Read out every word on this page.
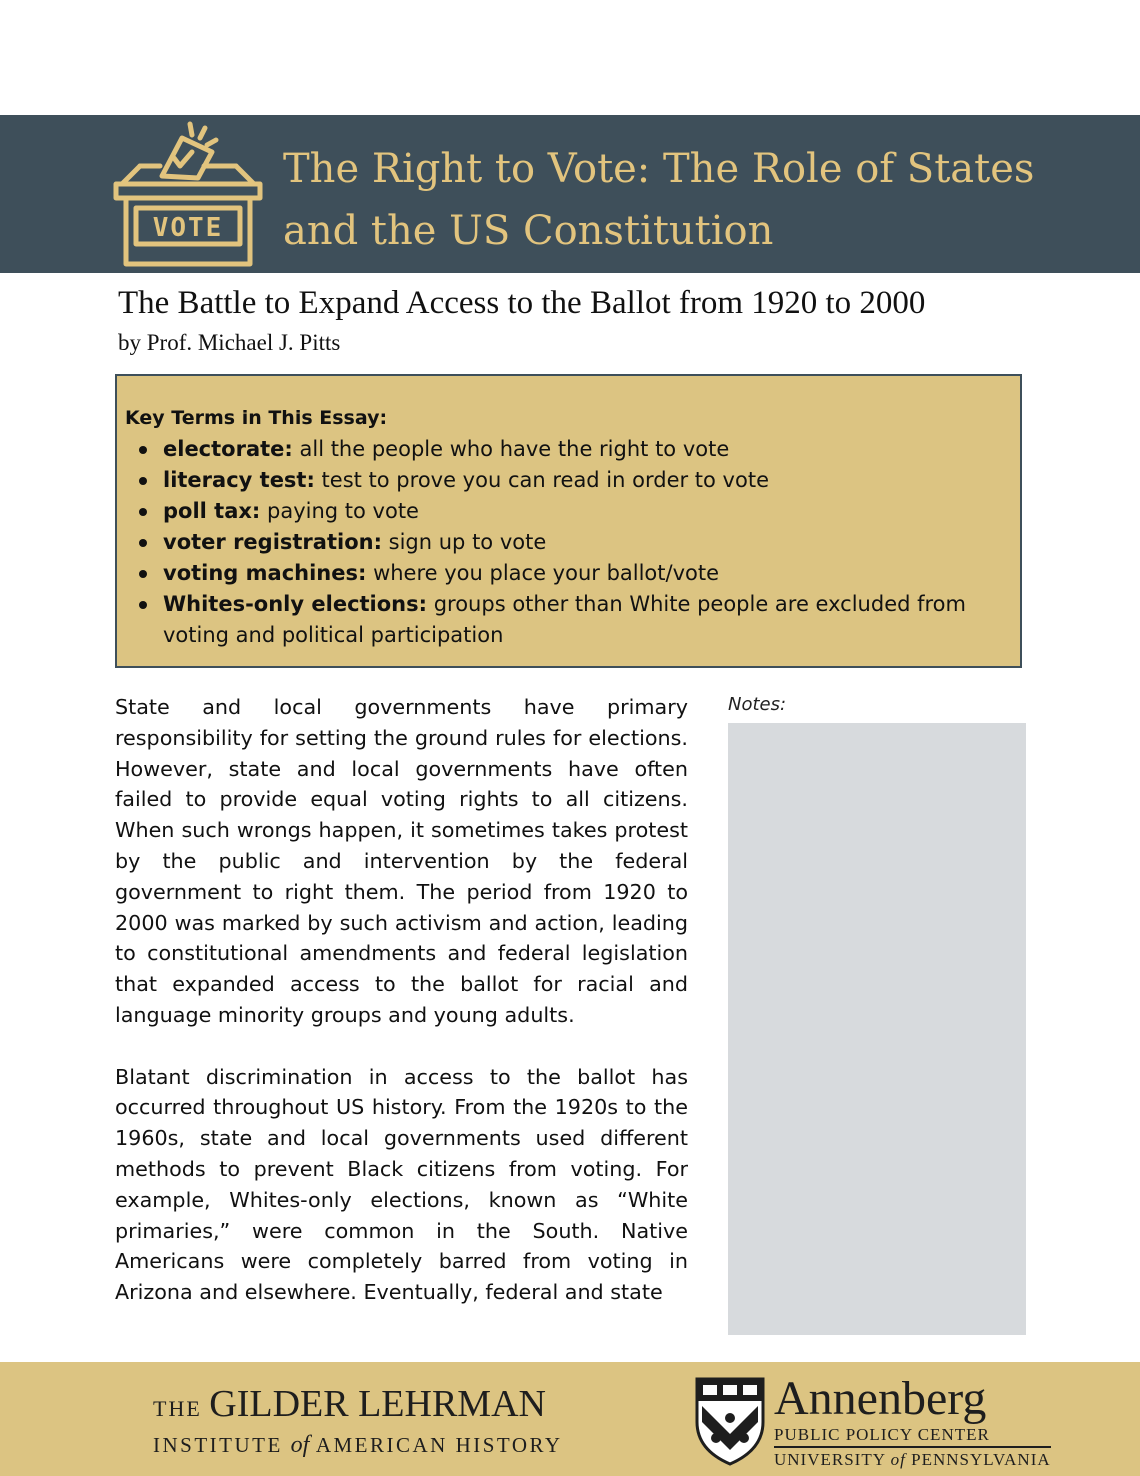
VOTE
The Right to Vote: The Role of States and the US Constitution
The Battle to Expand Access to the Ballot from 1920 to 2000
by Prof. Michael J. Pitts
Key Terms in This Essay:
electorate: all the people who have the right to vote
literacy test: test to prove you can read in order to vote
poll tax: paying to vote
voter registration: sign up to vote
voting machines: where you place your ballot/vote
Whites-only elections: groups other than White people are excluded from voting and political participation

State and local governments have primary responsibility for setting the ground rules for elections. However, state and local governments have often failed to provide equal voting rights to all citizens. When such wrongs happen, it sometimes takes protest by the public and intervention by the federal government to right them. The period from 1920 to 2000 was marked by such activism and action, leading to constitutional amendments and federal legislation that expanded access to the ballot for racial and language minority groups and young adults.

Blatant discrimination in access to the ballot has occurred throughout US history. From the 1920s to the 1960s, state and local governments used different methods to prevent Black citizens from voting. For example, Whites-only elections, known as “White primaries,” were common in the South. Native Americans were completely barred from voting in Arizona and elsewhere. Eventually, federal and state

Notes:
THE GILDER LEHRMAN
INSTITUTE of AMERICAN HISTORY
Annenberg
PUBLIC POLICY CENTER
UNIVERSITY of PENNSYLVANIA
